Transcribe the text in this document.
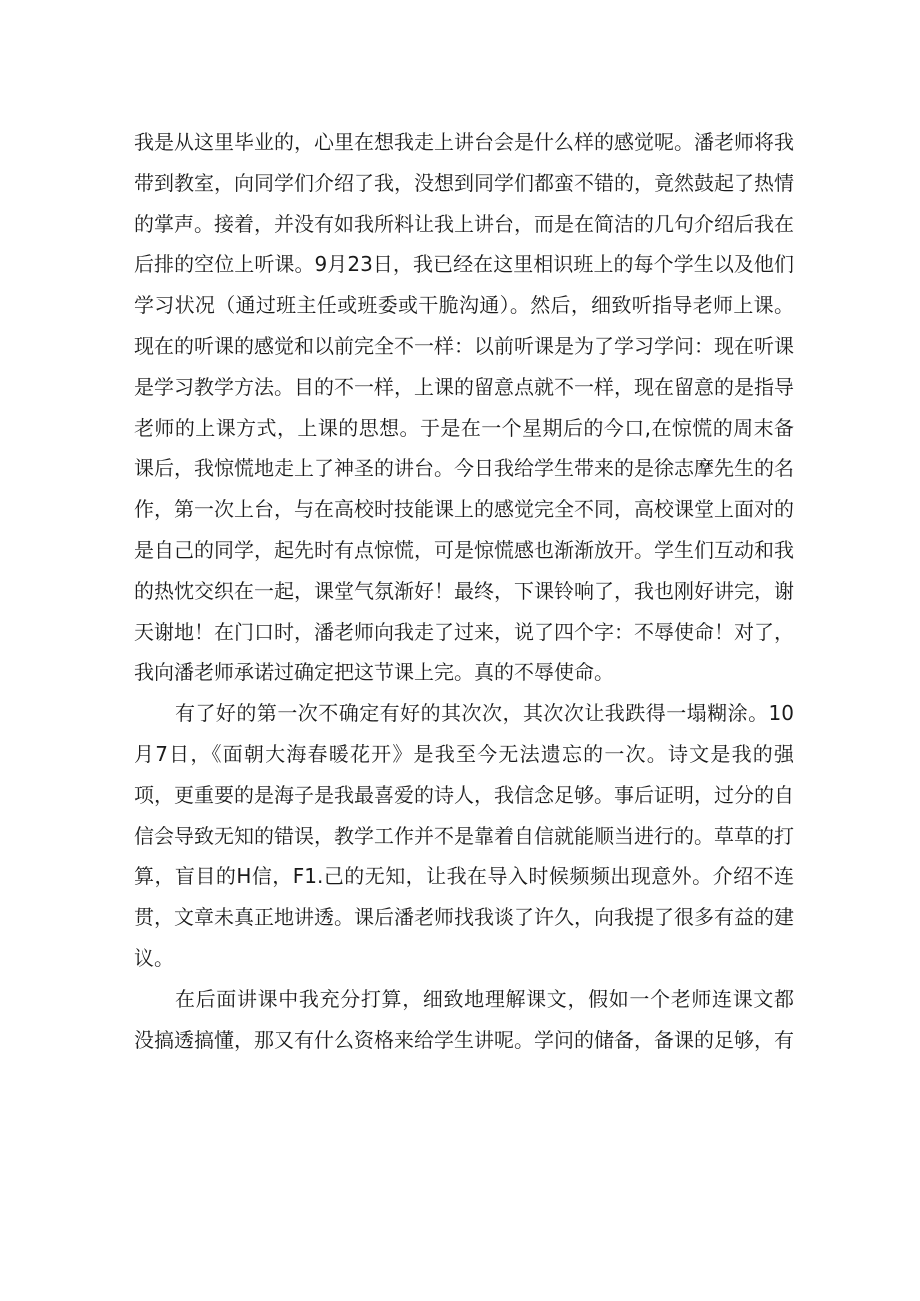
我是从这里毕业的，心里在想我走上讲台会是什么样的感觉呢。潘老师将我带到教室，向同学们介绍了我，没想到同学们都蛮不错的，竟然鼓起了热情的掌声。接着，并没有如我所料让我上讲台，而是在简洁的几句介绍后我在后排的空位上听课。9月23日，我已经在这里相识班上的每个学生以及他们学习状况（通过班主任或班委或干脆沟通）。然后，细致听指导老师上课。现在的听课的感觉和以前完全不一样：以前听课是为了学习学问：现在听课是学习教学方法。目的不一样，上课的留意点就不一样，现在留意的是指导老师的上课方式，上课的思想。于是在一个星期后的今口,在惊慌的周末备课后，我惊慌地走上了神圣的讲台。今日我给学生带来的是徐志摩先生的名作，第一次上台，与在高校时技能课上的感觉完全不同，高校课堂上面对的是自己的同学，起先时有点惊慌，可是惊慌感也渐渐放开。学生们互动和我的热忱交织在一起，课堂气氛渐好！最终，下课铃响了，我也刚好讲完，谢天谢地！在门口时，潘老师向我走了过来，说了四个字：不辱使命！对了，我向潘老师承诺过确定把这节课上完。真的不辱使命。

有了好的第一次不确定有好的其次次，其次次让我跌得一塌糊涂。10月7日，《面朝大海春暖花开》是我至今无法遗忘的一次。诗文是我的强项，更重要的是海子是我最喜爱的诗人，我信念足够。事后证明，过分的自信会导致无知的错误，教学工作并不是靠着自信就能顺当进行的。草草的打算，盲目的H信，F1.己的无知，让我在导入时候频频出现意外。介绍不连贯，文章未真正地讲透。课后潘老师找我谈了许久，向我提了很多有益的建议。

在后面讲课中我充分打算，细致地理解课文，假如一个老师连课文都没搞透搞懂，那又有什么资格来给学生讲呢。学问的储备，备课的足够，有
